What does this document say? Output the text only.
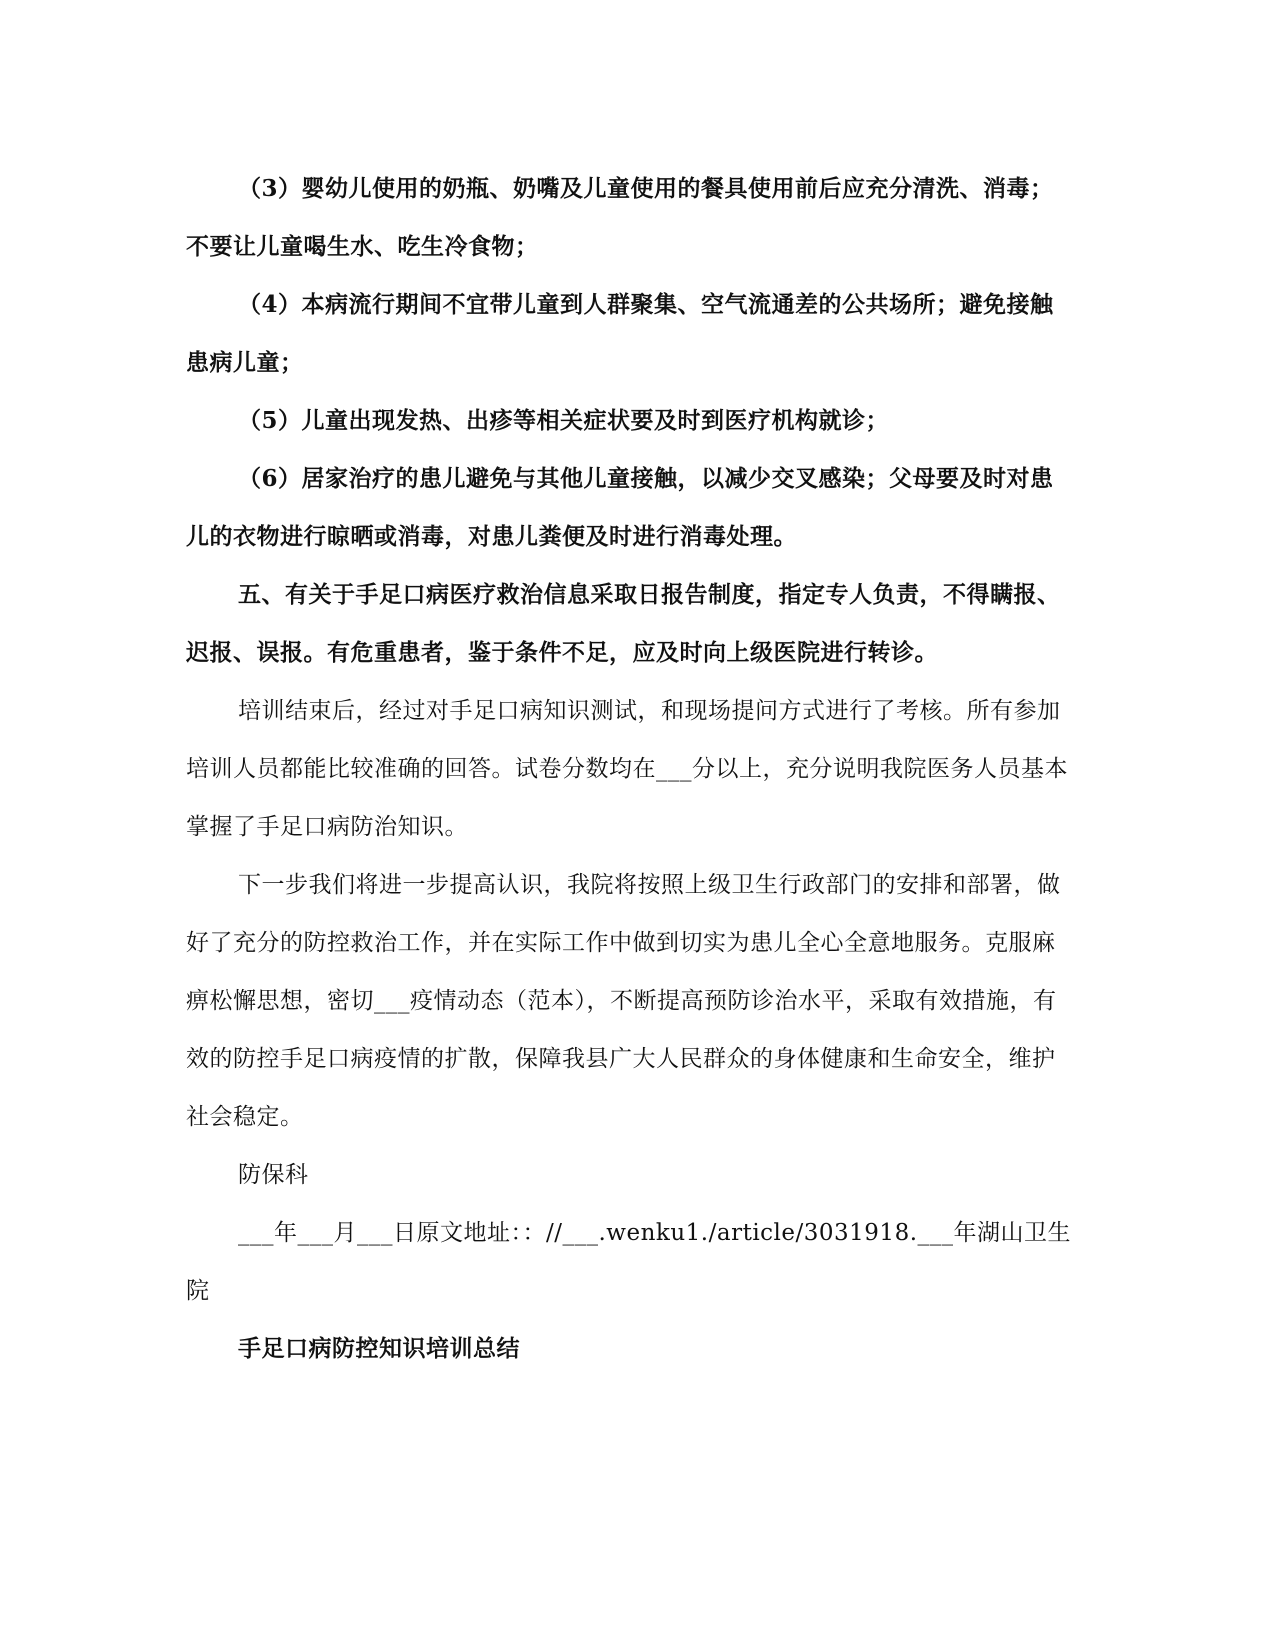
（3）婴幼儿使用的奶瓶、奶嘴及儿童使用的餐具使用前后应充分清洗、消毒；不要让儿童喝生水、吃生冷食物；

（4）本病流行期间不宜带儿童到人群聚集、空气流通差的公共场所；避免接触患病儿童；

（5）儿童出现发热、出疹等相关症状要及时到医疗机构就诊；

（6）居家治疗的患儿避免与其他儿童接触，以减少交叉感染；父母要及时对患儿的衣物进行晾晒或消毒，对患儿粪便及时进行消毒处理。

五、有关于手足口病医疗救治信息采取日报告制度，指定专人负责，不得瞒报、迟报、误报。有危重患者，鉴于条件不足，应及时向上级医院进行转诊。

培训结束后，经过对手足口病知识测试，和现场提问方式进行了考核。所有参加培训人员都能比较准确的回答。试卷分数均在___分以上，充分说明我院医务人员基本掌握了手足口病防治知识。

下一步我们将进一步提高认识，我院将按照上级卫生行政部门的安排和部署，做好了充分的防控救治工作，并在实际工作中做到切实为患儿全心全意地服务。克服麻痹松懈思想，密切___疫情动态（范本），不断提高预防诊治水平，采取有效措施，有效的防控手足口病疫情的扩散，保障我县广大人民群众的身体健康和生命安全，维护社会稳定。

防保科

___年___月___日原文地址：：//___.wenku1./article/3031918.___年湖山卫生院

手足口病防控知识培训总结
